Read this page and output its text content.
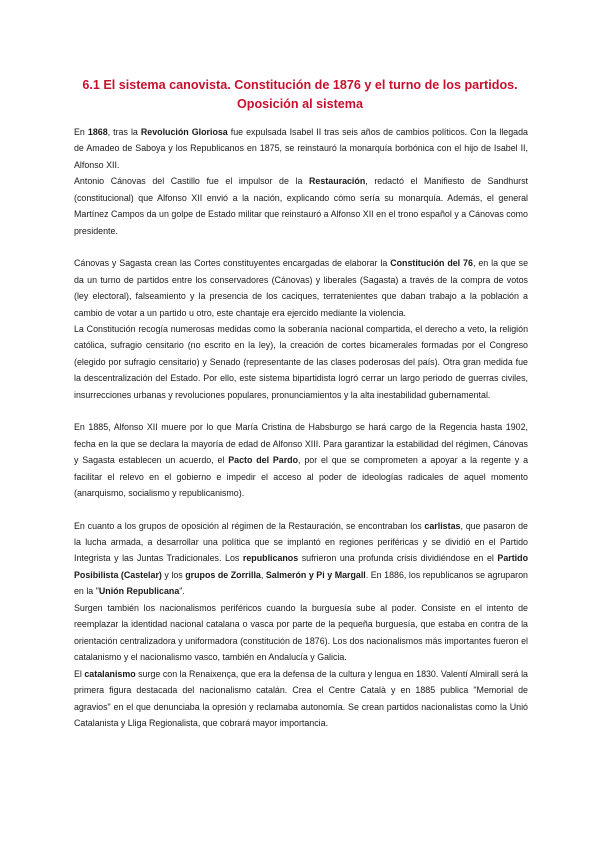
6.1 El sistema canovista. Constitución de 1876 y el turno de los partidos. Oposición al sistema

En 1868, tras la Revolución Gloriosa fue expulsada Isabel II tras seis años de cambios políticos. Con la llegada de Amadeo de Saboya y los Republicanos en 1875, se reinstauró la monarquía borbónica con el hijo de Isabel II, Alfonso XII.

Antonio Cánovas del Castillo fue el impulsor de la Restauración, redactó el Manifiesto de Sandhurst (constitucional) que Alfonso XII envió a la nación, explicando cómo sería su monarquía. Además, el general Martínez Campos da un golpe de Estado militar que reinstauró a Alfonso XII en el trono español y a Cánovas como presidente.

Cánovas y Sagasta crean las Cortes constituyentes encargadas de elaborar la Constitución del 76, en la que se da un turno de partidos entre los conservadores (Cánovas) y liberales (Sagasta) a través de la compra de votos (ley electoral), falseamiento y la presencia de los caciques, terratenientes que daban trabajo a la población a cambio de votar a un partido u otro, este chantaje era ejercido mediante la violencia.

La Constitución recogía numerosas medidas como la soberanía nacional compartida, el derecho a veto, la religión católica, sufragio censitario (no escrito en la ley), la creación de cortes bicamerales formadas por el Congreso (elegido por sufragio censitario) y Senado (representante de las clases poderosas del país). Otra gran medida fue la descentralización del Estado. Por ello, este sistema bipartidista logró cerrar un largo periodo de guerras civiles, insurrecciones urbanas y revoluciones populares, pronunciamientos y la alta inestabilidad gubernamental.

En 1885, Alfonso XII muere por lo que María Cristina de Habsburgo se hará cargo de la Regencia hasta 1902, fecha en la que se declara la mayoría de edad de Alfonso XIII. Para garantizar la estabilidad del régimen, Cánovas y Sagasta establecen un acuerdo, el Pacto del Pardo, por el que se comprometen a apoyar a la regente y a facilitar el relevo en el gobierno e impedir el acceso al poder de ideologías radicales de aquel momento (anarquismo, socialismo y republicanismo).

En cuanto a los grupos de oposición al régimen de la Restauración, se encontraban los carlistas, que pasaron de la lucha armada, a desarrollar una política que se implantó en regiones periféricas y se dividió en el Partido Integrista y las Juntas Tradicionales. Los republicanos sufrieron una profunda crisis dividiéndose en el Partido Posibilista (Castelar) y los grupos de Zorrilla, Salmerón y Pi y Margall. En 1886, los republicanos se agruparon en la "Unión Republicana".

Surgen también los nacionalismos periféricos cuando la burguesía sube al poder. Consiste en el intento de reemplazar la identidad nacional catalana o vasca por parte de la pequeña burguesía, que estaba en contra de la orientación centralizadora y uniformadora (constitución de 1876). Los dos nacionalismos más importantes fueron el catalanismo y el nacionalismo vasco, también en Andalucía y Galicia.

El catalanismo surge con la Renaixença, que era la defensa de la cultura y lengua en 1830. Valentí Almirall será la primera figura destacada del nacionalismo catalán. Crea el Centre Català y en 1885 publica "Memorial de agravios" en el que denunciaba la opresión y reclamaba autonomía. Se crean partidos nacionalistas como la Unió Catalanista y Lliga Regionalista, que cobrará mayor importancia.
